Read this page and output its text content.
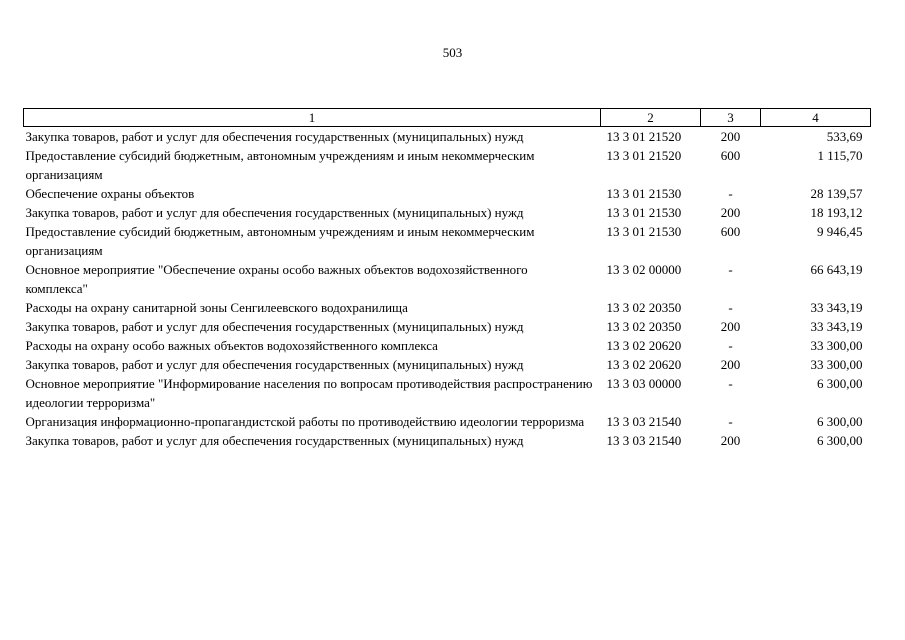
503
1	2	3	4
Закупка товаров, работ и услуг для обеспечения государственных (муниципальных) нужд	13 3 01 21520	200	533,69
Предоставление субсидий бюджетным, автономным учреждениям и иным некоммерческим организациям	13 3 01 21520	600	1 115,70
Обеспечение охраны объектов	13 3 01 21530	-	28 139,57
Закупка товаров, работ и услуг для обеспечения государственных (муниципальных) нужд	13 3 01 21530	200	18 193,12
Предоставление субсидий бюджетным, автономным учреждениям и иным некоммерческим организациям	13 3 01 21530	600	9 946,45
Основное мероприятие "Обеспечение охраны особо важных объектов водохозяйственного комплекса"	13 3 02 00000	-	66 643,19
Расходы на охрану санитарной зоны Сенгилеевского водохранилища	13 3 02 20350	-	33 343,19
Закупка товаров, работ и услуг для обеспечения государственных (муниципальных) нужд	13 3 02 20350	200	33 343,19
Расходы на охрану особо важных объектов водохозяйственного комплекса	13 3 02 20620	-	33 300,00
Закупка товаров, работ и услуг для обеспечения государственных (муниципальных) нужд	13 3 02 20620	200	33 300,00
Основное мероприятие "Информирование населения по вопросам противодействия распространению идеологии терроризма"	13 3 03 00000	-	6 300,00
Организация информационно-пропагандистской работы по противодействию идеологии терроризма	13 3 03 21540	-	6 300,00
Закупка товаров, работ и услуг для обеспечения государственных (муниципальных) нужд	13 3 03 21540	200	6 300,00
